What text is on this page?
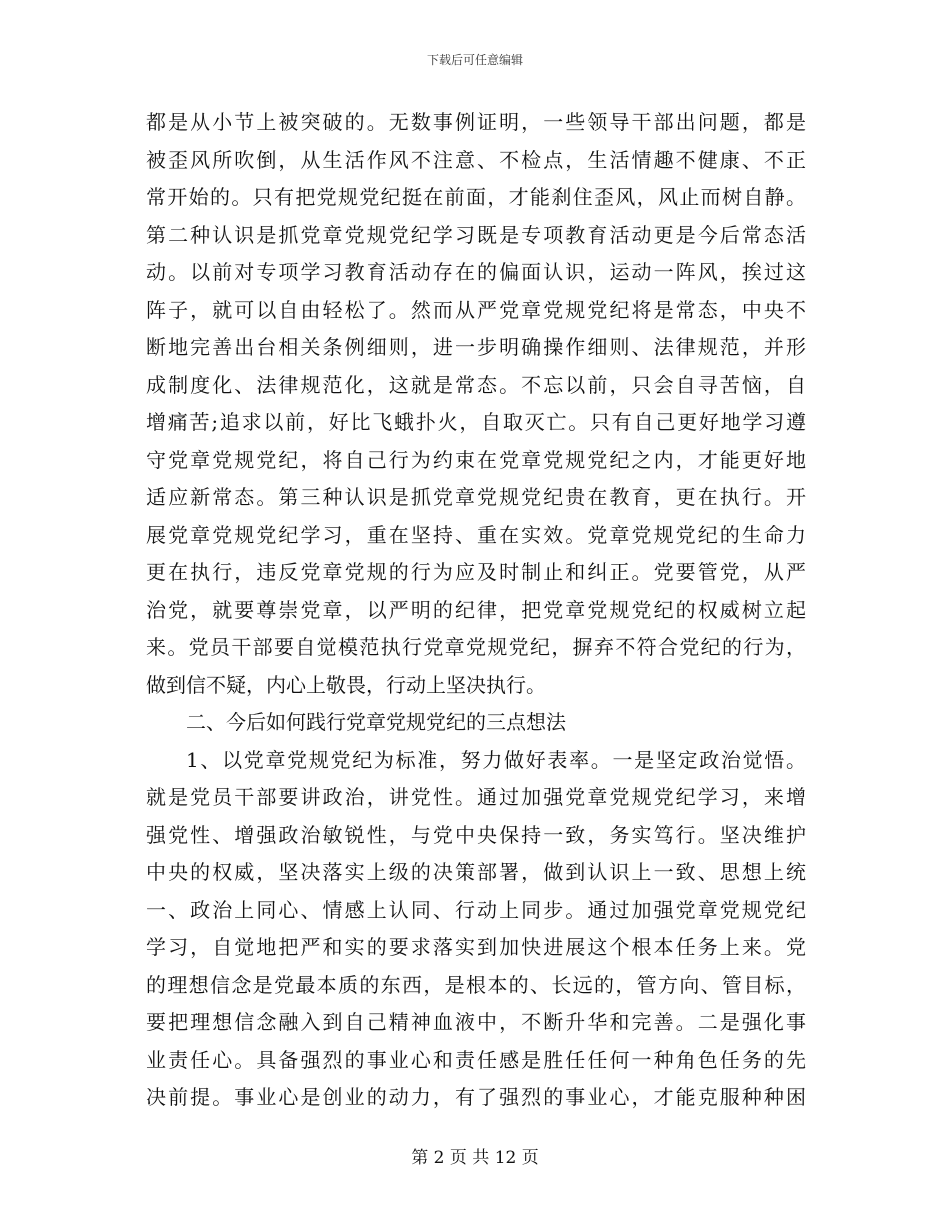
下载后可任意编辑
都是从小节上被突破的。无数事例证明，一些领导干部出问题，都是
被歪风所吹倒，从生活作风不注意、不检点，生活情趣不健康、不正
常开始的。只有把党规党纪挺在前面，才能刹住歪风，风止而树自静。
第二种认识是抓党章党规党纪学习既是专项教育活动更是今后常态活
动。以前对专项学习教育活动存在的偏面认识，运动一阵风，挨过这
阵子，就可以自由轻松了。然而从严党章党规党纪将是常态，中央不
断地完善出台相关条例细则，进一步明确操作细则、法律规范，并形
成制度化、法律规范化，这就是常态。不忘以前，只会自寻苦恼，自
增痛苦;追求以前，好比飞蛾扑火，自取灭亡。只有自己更好地学习遵
守党章党规党纪，将自己行为约束在党章党规党纪之内，才能更好地
适应新常态。第三种认识是抓党章党规党纪贵在教育，更在执行。开
展党章党规党纪学习，重在坚持、重在实效。党章党规党纪的生命力
更在执行，违反党章党规的行为应及时制止和纠正。党要管党，从严
治党，就要尊崇党章，以严明的纪律，把党章党规党纪的权威树立起
来。党员干部要自觉模范执行党章党规党纪，摒弃不符合党纪的行为，
做到信不疑，内心上敬畏，行动上坚决执行。
二、今后如何践行党章党规党纪的三点想法
1、以党章党规党纪为标准，努力做好表率。一是坚定政治觉悟。
就是党员干部要讲政治，讲党性。通过加强党章党规党纪学习，来增
强党性、增强政治敏锐性，与党中央保持一致，务实笃行。坚决维护
中央的权威，坚决落实上级的决策部署，做到认识上一致、思想上统
一、政治上同心、情感上认同、行动上同步。通过加强党章党规党纪
学习，自觉地把严和实的要求落实到加快进展这个根本任务上来。党
的理想信念是党最本质的东西，是根本的、长远的，管方向、管目标，
要把理想信念融入到自己精神血液中，不断升华和完善。二是强化事
业责任心。具备强烈的事业心和责任感是胜任任何一种角色任务的先
决前提。事业心是创业的动力，有了强烈的事业心，才能克服种种困
第 2 页 共 12 页
